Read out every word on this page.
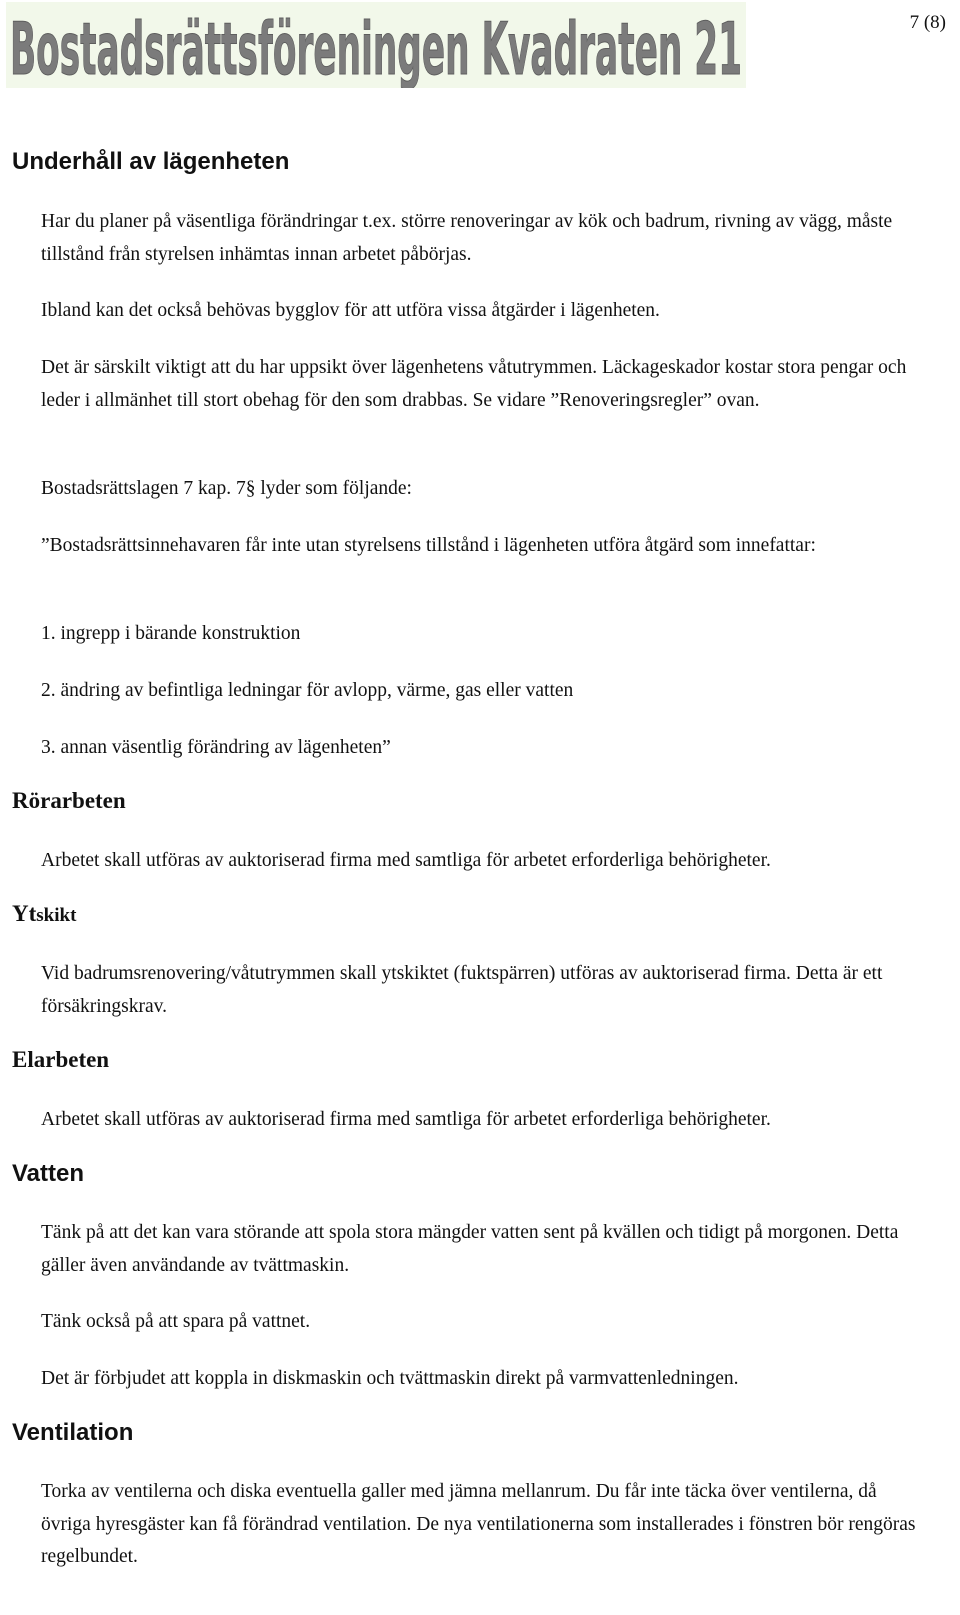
Bostadsrättsföreningen Kvadraten 21	7 (8)
Underhåll av lägenheten

Har du planer på väsentliga förändringar t.ex. större renoveringar av kök och badrum, rivning av vägg, måste tillstånd från styrelsen inhämtas innan arbetet påbörjas.

Ibland kan det också behövas bygglov för att utföra vissa åtgärder i lägenheten.

Det är särskilt viktigt att du har uppsikt över lägenhetens våtutrymmen. Läckageskador kostar stora pengar och leder i allmänhet till stort obehag för den som drabbas. Se vidare ”Renoveringsregler” ovan.

Bostadsrättslagen 7 kap. 7§ lyder som följande:

”Bostadsrättsinnehavaren får inte utan styrelsens tillstånd i lägenheten utföra åtgärd som innefattar:

1. ingrepp i bärande konstruktion

2. ändring av befintliga ledningar för avlopp, värme, gas eller vatten

3. annan väsentlig förändring av lägenheten”

Rörarbeten

Arbetet skall utföras av auktoriserad firma med samtliga för arbetet erforderliga behörigheter.

Ytskikt

Vid badrumsrenovering/våtutrymmen skall ytskiktet (fuktspärren) utföras av auktoriserad firma. Detta är ett försäkringskrav.

Elarbeten

Arbetet skall utföras av auktoriserad firma med samtliga för arbetet erforderliga behörigheter.

Vatten

Tänk på att det kan vara störande att spola stora mängder vatten sent på kvällen och tidigt på morgonen. Detta gäller även användande av tvättmaskin.

Tänk också på att spara på vattnet.

Det är förbjudet att koppla in diskmaskin och tvättmaskin direkt på varmvattenledningen.

Ventilation

Torka av ventilerna och diska eventuella galler med jämna mellanrum. Du får inte täcka över ventilerna, då övriga hyresgäster kan få förändrad ventilation. De nya ventilationerna som installerades i fönstren bör rengöras regelbundet.
